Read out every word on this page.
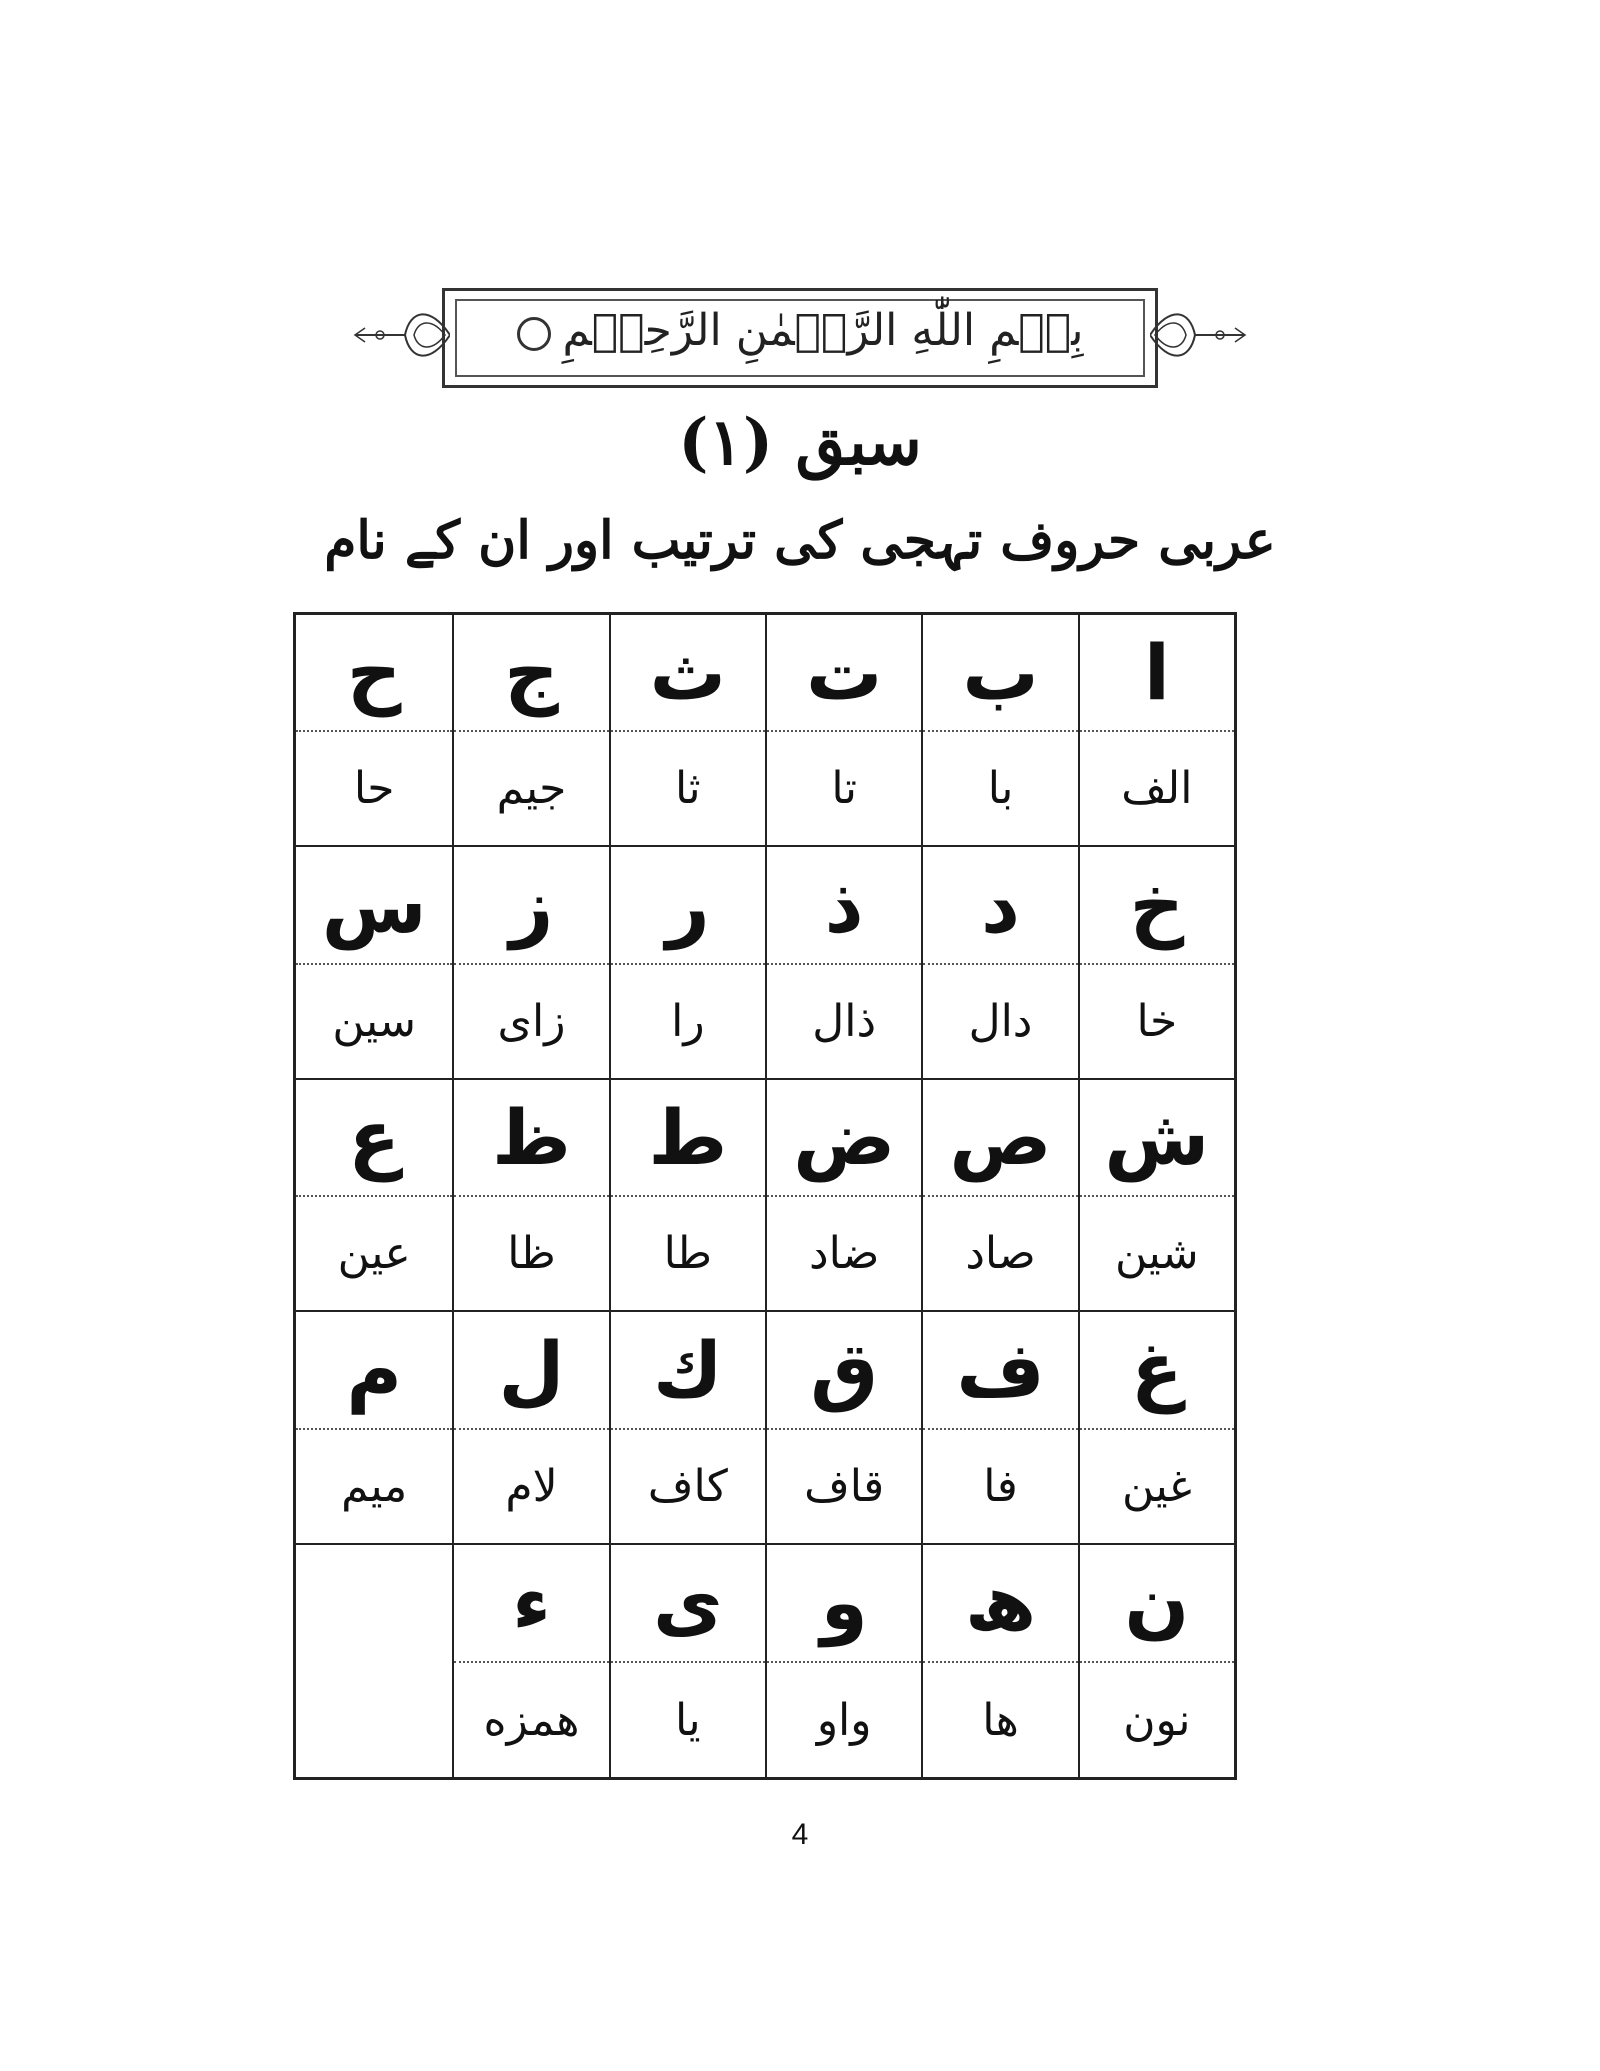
بِسۡمِ اللّٰهِ الرَّحۡمٰنِ الرَّحِيۡمِ
سبق (١)
عربی حروف تہجی کی ترتیب اور ان کے نام
ا
الف
ب
با
ت
تا
ث
ثا
ج
جیم
ح
حا
خ
خا
د
دال
ذ
ذال
ر
را
ز
زای
س
سین
ش
شین
ص
صاد
ض
ضاد
ط
طا
ظ
ظا
ع
عین
غ
غین
ف
فا
ق
قاف
ك
كاف
ل
لام
م
میم
ن
نون
ھ
ھا
و
واو
ی
یا
ء
ھمزه
4
